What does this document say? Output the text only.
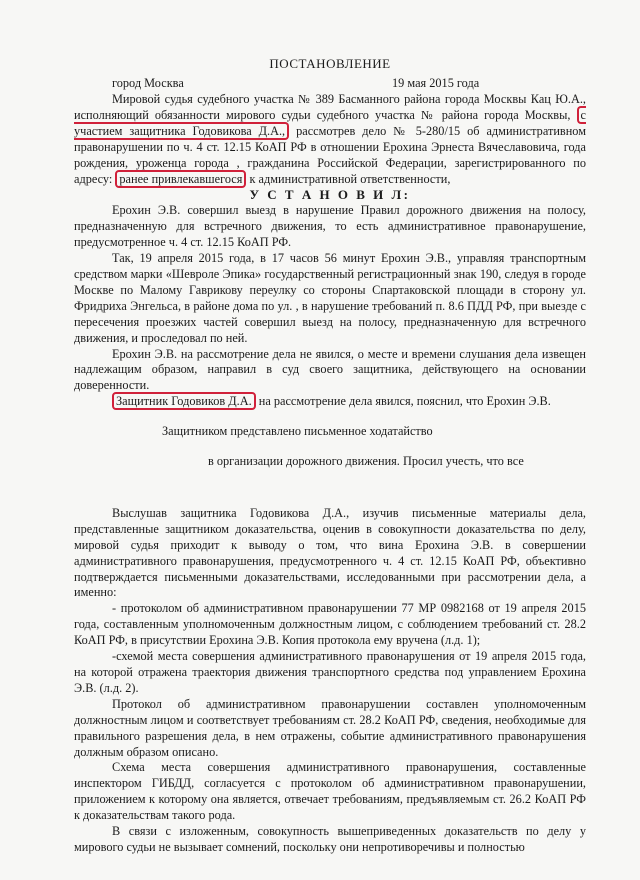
ПОСТАНОВЛЕНИЕ
город Москва	19 мая 2015 года

Мировой судья судебного участка № 389 Басманного района города Москвы Кац Ю.А., исполняющий обязанности мирового судьи судебного участка № района города Москвы, с участием защитника Годовикова Д.А., рассмотрев дело № 5-280/15 об административном правонарушении по ч. 4 ст. 12.15 КоАП РФ в отношении Ерохина Эрнеста Вячеславовича, года рождения, уроженца города , гражданина Российской Федерации, зарегистрированного по адресу: ранее привлекавшегося к административной ответственности,

У С Т А Н О В И Л:

Ерохин Э.В. совершил выезд в нарушение Правил дорожного движения на полосу, предназначенную для встречного движения, то есть административное правонарушение, предусмотренное ч. 4 ст. 12.15 КоАП РФ.

Так, 19 апреля 2015 года, в 17 часов 56 минут Ерохин Э.В., управляя транспортным средством марки «Шевроле Эпика» государственный регистрационный знак 190, следуя в городе Москве по Малому Гаврикову переулку со стороны Спартаковской площади в сторону ул. Фридриха Энгельса, в районе дома по ул. , в нарушение требований п. 8.6 ПДД РФ, при выезде с пересечения проезжих частей совершил выезд на полосу, предназначенную для встречного движения, и проследовал по ней.

Ерохин Э.В. на рассмотрение дела не явился, о месте и времени слушания дела извещен надлежащим образом, направил в суд своего защитника, действующего на основании доверенности.

Защитник Годовиков Д.А. на рассмотрение дела явился, пояснил, что Ерохин Э.В.

Защитником представлено письменное ходатайство

в организации дорожного движения. Просил учесть, что все

Выслушав защитника Годовикова Д.А., изучив письменные материалы дела, представленные защитником доказательства, оценив в совокупности доказательства по делу, мировой судья приходит к выводу о том, что вина Ерохина Э.В. в совершении административного правонарушения, предусмотренного ч. 4 ст. 12.15 КоАП РФ, объективно подтверждается письменными доказательствами, исследованными при рассмотрении дела, а именно:

- протоколом об административном правонарушении 77 МР 0982168 от 19 апреля 2015 года, составленным уполномоченным должностным лицом, с соблюдением требований ст. 28.2 КоАП РФ, в присутствии Ерохина Э.В. Копия протокола ему вручена (л.д. 1);

-схемой места совершения административного правонарушения от 19 апреля 2015 года, на которой отражена траектория движения транспортного средства под управлением Ерохина Э.В. (л.д. 2).

Протокол об административном правонарушении составлен уполномоченным должностным лицом и соответствует требованиям ст. 28.2 КоАП РФ, сведения, необходимые для правильного разрешения дела, в нем отражены, событие административного правонарушения должным образом описано.

Схема места совершения административного правонарушения, составленные инспектором ГИБДД, согласуется с протоколом об административном правонарушении, приложением к которому она является, отвечает требованиям, предъявляемым ст. 26.2 КоАП РФ к доказательствам такого рода.

В связи с изложенным, совокупность вышеприведенных доказательств по делу у мирового судьи не вызывает сомнений, поскольку они непротиворечивы и полностью
